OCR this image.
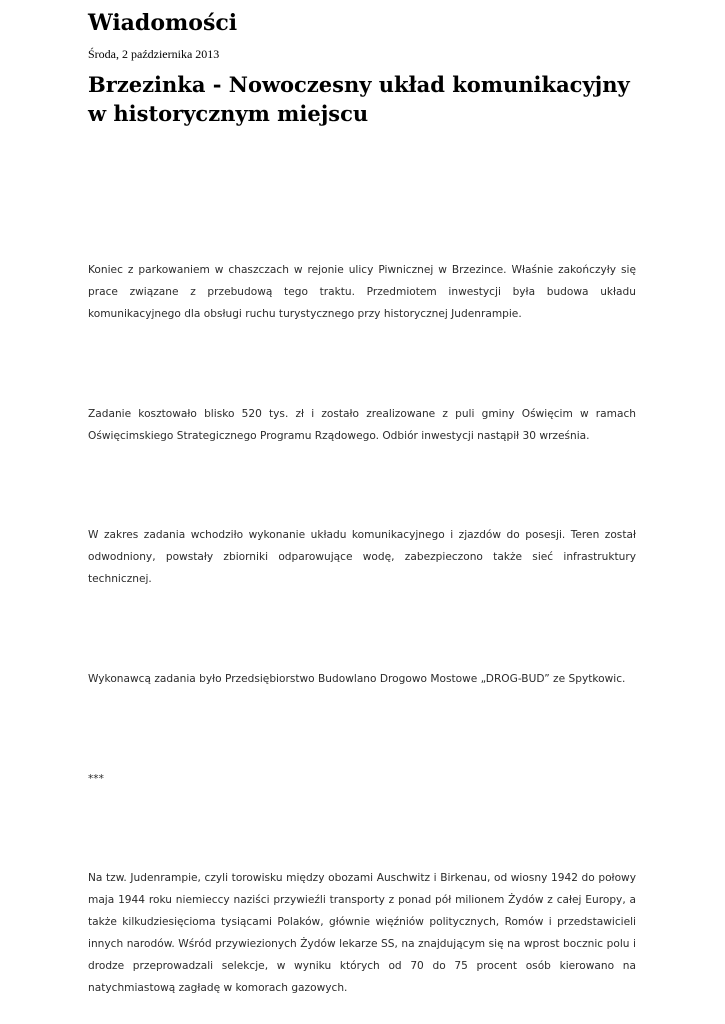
Wiadomości

Środa, 2 października 2013

Brzezinka - Nowoczesny układ komunikacyjny w historycznym miejscu

Koniec z parkowaniem w chaszczach w rejonie ulicy Piwnicznej w Brzezince. Właśnie zakończyły się prace związane z przebudową tego traktu. Przedmiotem inwestycji była budowa układu komunikacyjnego dla obsługi ruchu turystycznego przy historycznej Judenrampie.

Zadanie kosztowało blisko 520 tys. zł i zostało zrealizowane z puli gminy Oświęcim w ramach Oświęcimskiego Strategicznego Programu Rządowego. Odbiór inwestycji nastąpił 30 września.

W zakres zadania wchodziło wykonanie układu komunikacyjnego i zjazdów do posesji. Teren został odwodniony, powstały zbiorniki odparowujące wodę, zabezpieczono także sieć infrastruktury technicznej.

Wykonawcą zadania było Przedsiębiorstwo Budowlano Drogowo Mostowe „DROG-BUD” ze Spytkowic.

***

Na tzw. Judenrampie, czyli torowisku między obozami Auschwitz i Birkenau, od wiosny 1942 do połowy maja 1944 roku niemieccy naziści przywieźli transporty z ponad pół milionem Żydów z całej Europy, a także kilkudziesięcioma tysiącami Polaków, głównie więźniów politycznych, Romów i przedstawicieli innych narodów. Wśród przywiezionych Żydów lekarze SS, na znajdującym się na wprost bocznic polu i drodze przeprowadzali selekcje, w wyniku których od 70 do 75 procent osób kierowano na natychmiastową zagładę w komorach gazowych.
